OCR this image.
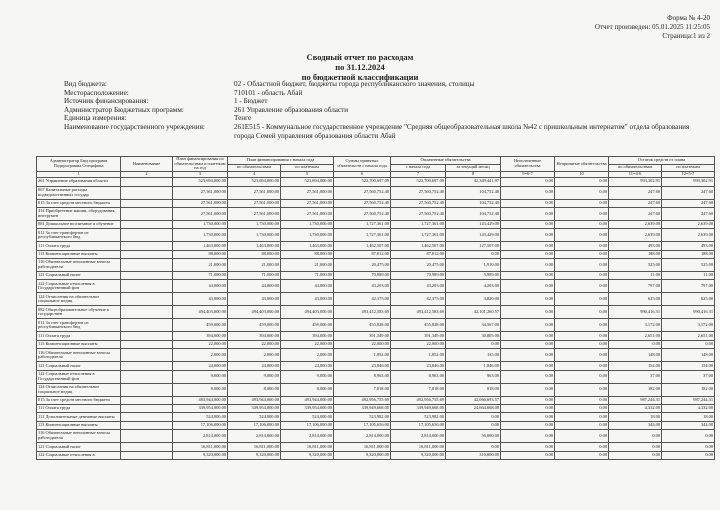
Форма № 4-20
Отчет произведен: 05.01.2025 11:25:05
Страница:1 из 2
Сводный отчет по расходам
по 31.12.2024
по бюджетной классификации
Вид бюджета:	02 - Областной бюджет, бюджеты города республиканского значения, столицы
Месторасположение:	710101 - область Абай
Источник финансирования:	1 - Бюджет
Администратор Бюджетных программ:	261 Управление образования области
Единица измерения:	Тенге
Наименование государственного учреждения:	261Е515 - Коммунальное государственное учреждение "Средняя общеобразовательная школа №42 с пришкольным интернатом" отдела образования города Семей управления образования области Абай
Администратор Бюд.программ Подпрограмма Специфика	Наименование	План финансирования по обязательствам и платежам на год	План финансирования с начала года		Суммы принятых обязательств с начала года	Оплаченные обязательства		Неоплаченные обязательства	Непринятые обязательства	Остаток средств от плана	
			по обязательствам	по платежам		с начала года	за текущий месяц			по обязательствам	по платежам
1	2	3	4	5	6	7	8	9=6-7	10	11=4-6	12=5-7
261 Управление образования области		523,694,000.00	523,694,000.00	523,694,000.00	522,700,697.09	522,700,697.09	42,349,441.97	0.00	0.00	993,302.91	993,302.91
067 Капитальные расходы подведомственных государ		27,561,000.00	27,561,000.00	27,561,000.00	27,560,752.40	27,560,752.40	104,752.40	0.00	0.00	247.60	247.60
015 За счет средств местного бюджета		27,561,000.00	27,561,000.00	27,561,000.00	27,560,752.40	27,560,752.40	104,752.40	0.00	0.00	247.60	247.60
414 Приобретение машин, оборудования, инструмен		27,561,000.00	27,561,000.00	27,561,000.00	27,560,752.40	27,560,752.40	104,752.40	0.00	0.00	247.60	247.60
081 Дошкольное воспитание и обучение		1,730,000.00	1,730,000.00	1,730,000.00	1,727,361.00	1,727,361.00	143,429.00	0.00	0.00	2,639.00	2,639.00
011 За счет трансфертов из республиканского бюд		1,730,000.00	1,730,000.00	1,730,000.00	1,727,361.00	1,727,361.00	143,429.00	0.00	0.00	2,639.00	2,639.00
111 Оплата труда		1,463,000.00	1,463,000.00	1,463,000.00	1,462,507.00	1,462,507.00	127,507.00	0.00	0.00	493.00	493.00
113 Компенсационные выплаты		88,000.00	88,000.00	88,000.00	87,812.00	87,812.00	0.00	0.00	0.00	188.00	188.00
116 Обязательные пенсионные взносы работодателя		21,000.00	21,000.00	21,000.00	20,475.00	20,475.00	1,910.00	0.00	0.00	525.00	525.00
121 Социальный налог		71,000.00	71,000.00	71,000.00	70,989.00	70,989.00	5,989.00	0.00	0.00	11.00	11.00
122 Социальные отчисления в Государственный фон		44,000.00	44,000.00	44,000.00	43,203.00	43,203.00	4,203.00	0.00	0.00	797.00	797.00
124 Отчисления на обязательное социальное медиц		43,000.00	43,000.00	43,000.00	42,375.00	42,375.00	3,820.00	0.00	0.00	625.00	625.00
082 Общеобразовательное обучение в государствен		494,403,000.00	494,403,000.00	494,403,000.00	493,412,583.69	493,412,583.69	42,101,260.57	0.00	0.00	990,416.31	990,416.31
011 За счет трансфертов из республиканского бюд		459,000.00	459,000.00	459,000.00	455,828.00	455,828.00	34,567.00	0.00	0.00	3,172.00	3,172.00
111 Оплата труда		394,000.00	394,000.00	394,000.00	391,349.00	391,349.00	30,805.00	0.00	0.00	2,651.00	2,651.00
113 Компенсационные выплаты		22,000.00	22,000.00	22,000.00	22,000.00	22,000.00	0.00	0.00	0.00	0.00	0.00
116 Обязательные пенсионные взносы работодателя		2,000.00	2,000.00	2,000.00	1,852.00	1,852.00	135.00	0.00	0.00	148.00	148.00
121 Социальный налог		24,000.00	24,000.00	24,000.00	23,846.00	23,846.00	1,846.00	0.00	0.00	154.00	154.00
122 Социальные отчисления в Государственный фон		9,000.00	9,000.00	9,000.00	8,963.00	8,963.00	963.00	0.00	0.00	37.00	37.00
124 Отчисления на обязательное социальное медиц		8,000.00	8,000.00	8,000.00	7,818.00	7,818.00	818.00	0.00	0.00	182.00	182.00
015 За счет средств местного бюджета		493,944,000.00	493,944,000.00	493,944,000.00	492,956,755.69	492,956,755.69	42,066,693.57	0.00	0.00	987,244.31	987,244.31
111 Оплата труда		339,954,000.00	339,954,000.00	339,954,000.00	339,949,668.00	339,949,668.00	24,664,668.00	0.00	0.00	4,332.00	4,332.00
112 Дополнительные денежные выплаты		524,000.00	524,000.00	524,000.00	523,982.00	523,982.00	0.00	0.00	0.00	18.00	18.00
113 Компенсационные выплаты		17,106,000.00	17,106,000.00	17,106,000.00	17,105,656.00	17,105,656.00	0.00	0.00	0.00	344.00	344.00
116 Обязательные пенсионные взносы работодателя		2,814,000.00	2,814,000.00	2,814,000.00	2,814,000.00	2,814,000.00	56,000.00	0.00	0.00	0.00	0.00
121 Социальный налог		16,811,000.00	16,811,000.00	16,811,000.00	16,811,000.00	16,811,000.00	0.00	0.00	0.00	0.00	0.00
122 Социальные отчисления в		9,320,000.00	9,320,000.00	9,320,000.00	9,320,000.00	9,320,000.00	310,000.00	0.00	0.00	0.00	0.00
